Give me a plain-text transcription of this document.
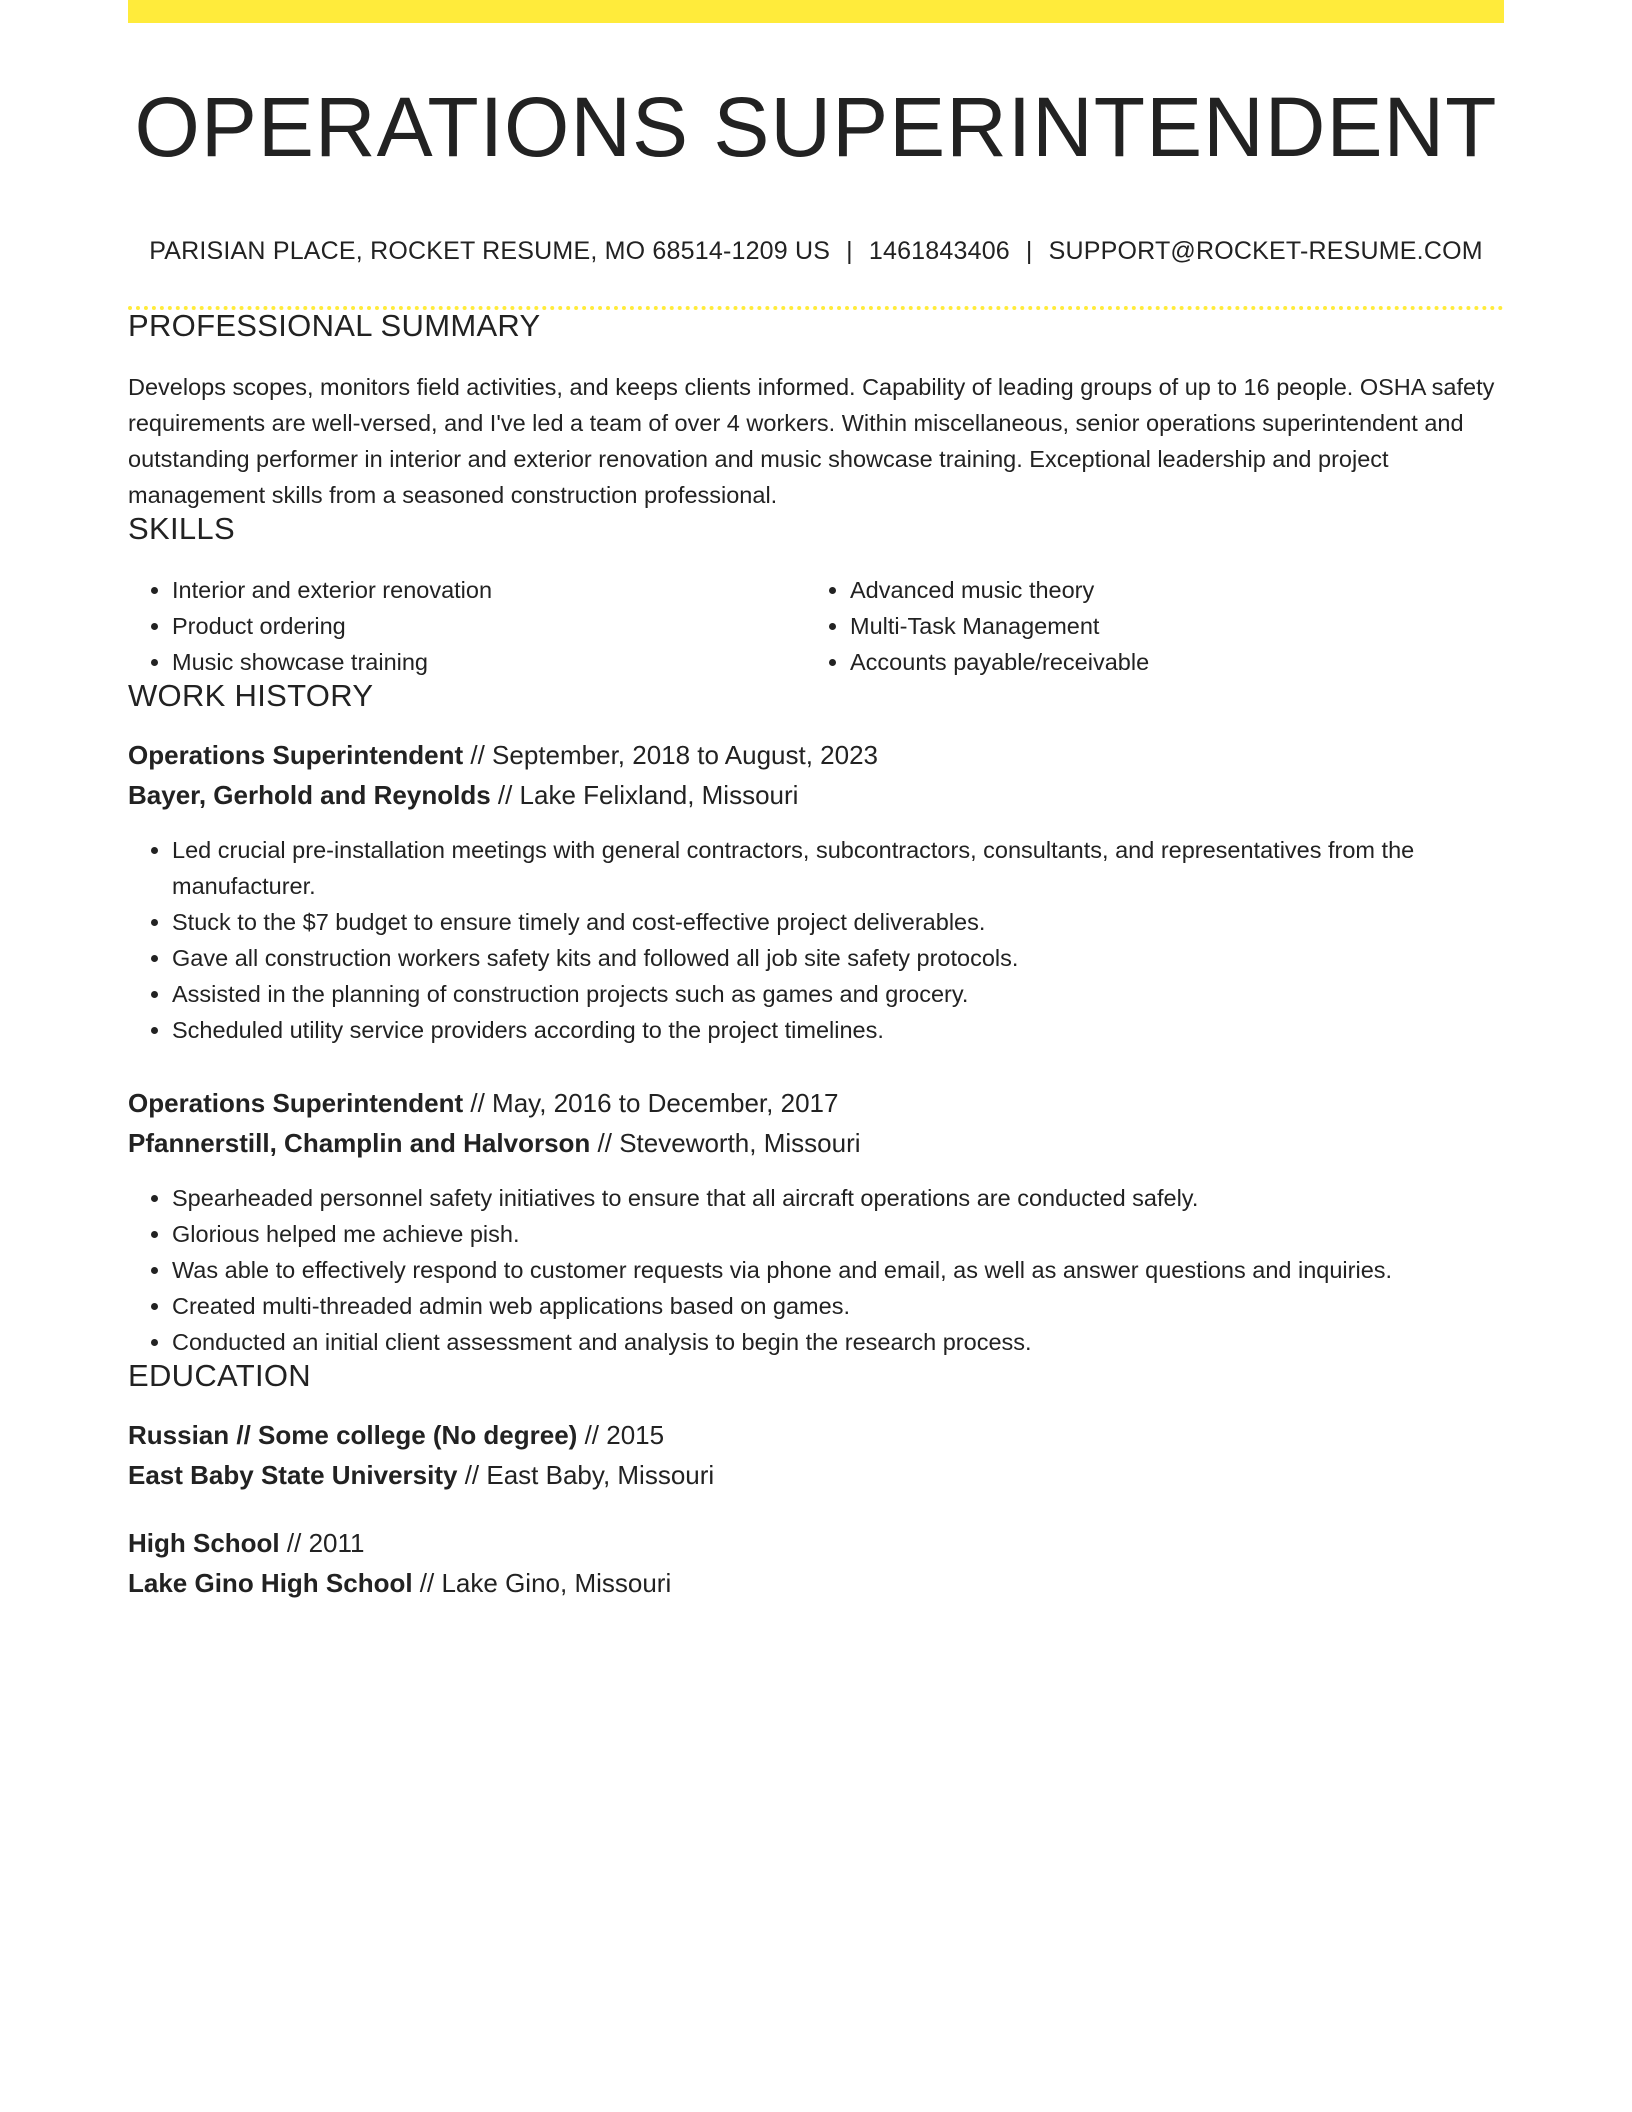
OPERATIONS SUPERINTENDENT
PARISIAN PLACE, ROCKET RESUME, MO 68514-1209 US | 1461843406 | SUPPORT@ROCKET-RESUME.COM
PROFESSIONAL SUMMARY

Develops scopes, monitors field activities, and keeps clients informed. Capability of leading groups of up to 16 people. OSHA safety requirements are well-versed, and I've led a team of over 4 workers. Within miscellaneous, senior operations superintendent and outstanding performer in interior and exterior renovation and music showcase training. Exceptional leadership and project management skills from a seasoned construction professional.

SKILLS
• Interior and exterior renovation
• Product ordering
• Music showcase training
• Advanced music theory
• Multi-Task Management
• Accounts payable/receivable
WORK HISTORY
Operations Superintendent // September, 2018 to August, 2023
Bayer, Gerhold and Reynolds // Lake Felixland, Missouri
• Led crucial pre-installation meetings with general contractors, subcontractors, consultants, and representatives from the manufacturer.
• Stuck to the $7 budget to ensure timely and cost-effective project deliverables.
• Gave all construction workers safety kits and followed all job site safety protocols.
• Assisted in the planning of construction projects such as games and grocery.
• Scheduled utility service providers according to the project timelines.
Operations Superintendent // May, 2016 to December, 2017
Pfannerstill, Champlin and Halvorson // Steveworth, Missouri
• Spearheaded personnel safety initiatives to ensure that all aircraft operations are conducted safely.
• Glorious helped me achieve pish.
• Was able to effectively respond to customer requests via phone and email, as well as answer questions and inquiries.
• Created multi-threaded admin web applications based on games.
• Conducted an initial client assessment and analysis to begin the research process.
EDUCATION
Russian // Some college (No degree) // 2015
East Baby State University // East Baby, Missouri
High School // 2011
Lake Gino High School // Lake Gino, Missouri
